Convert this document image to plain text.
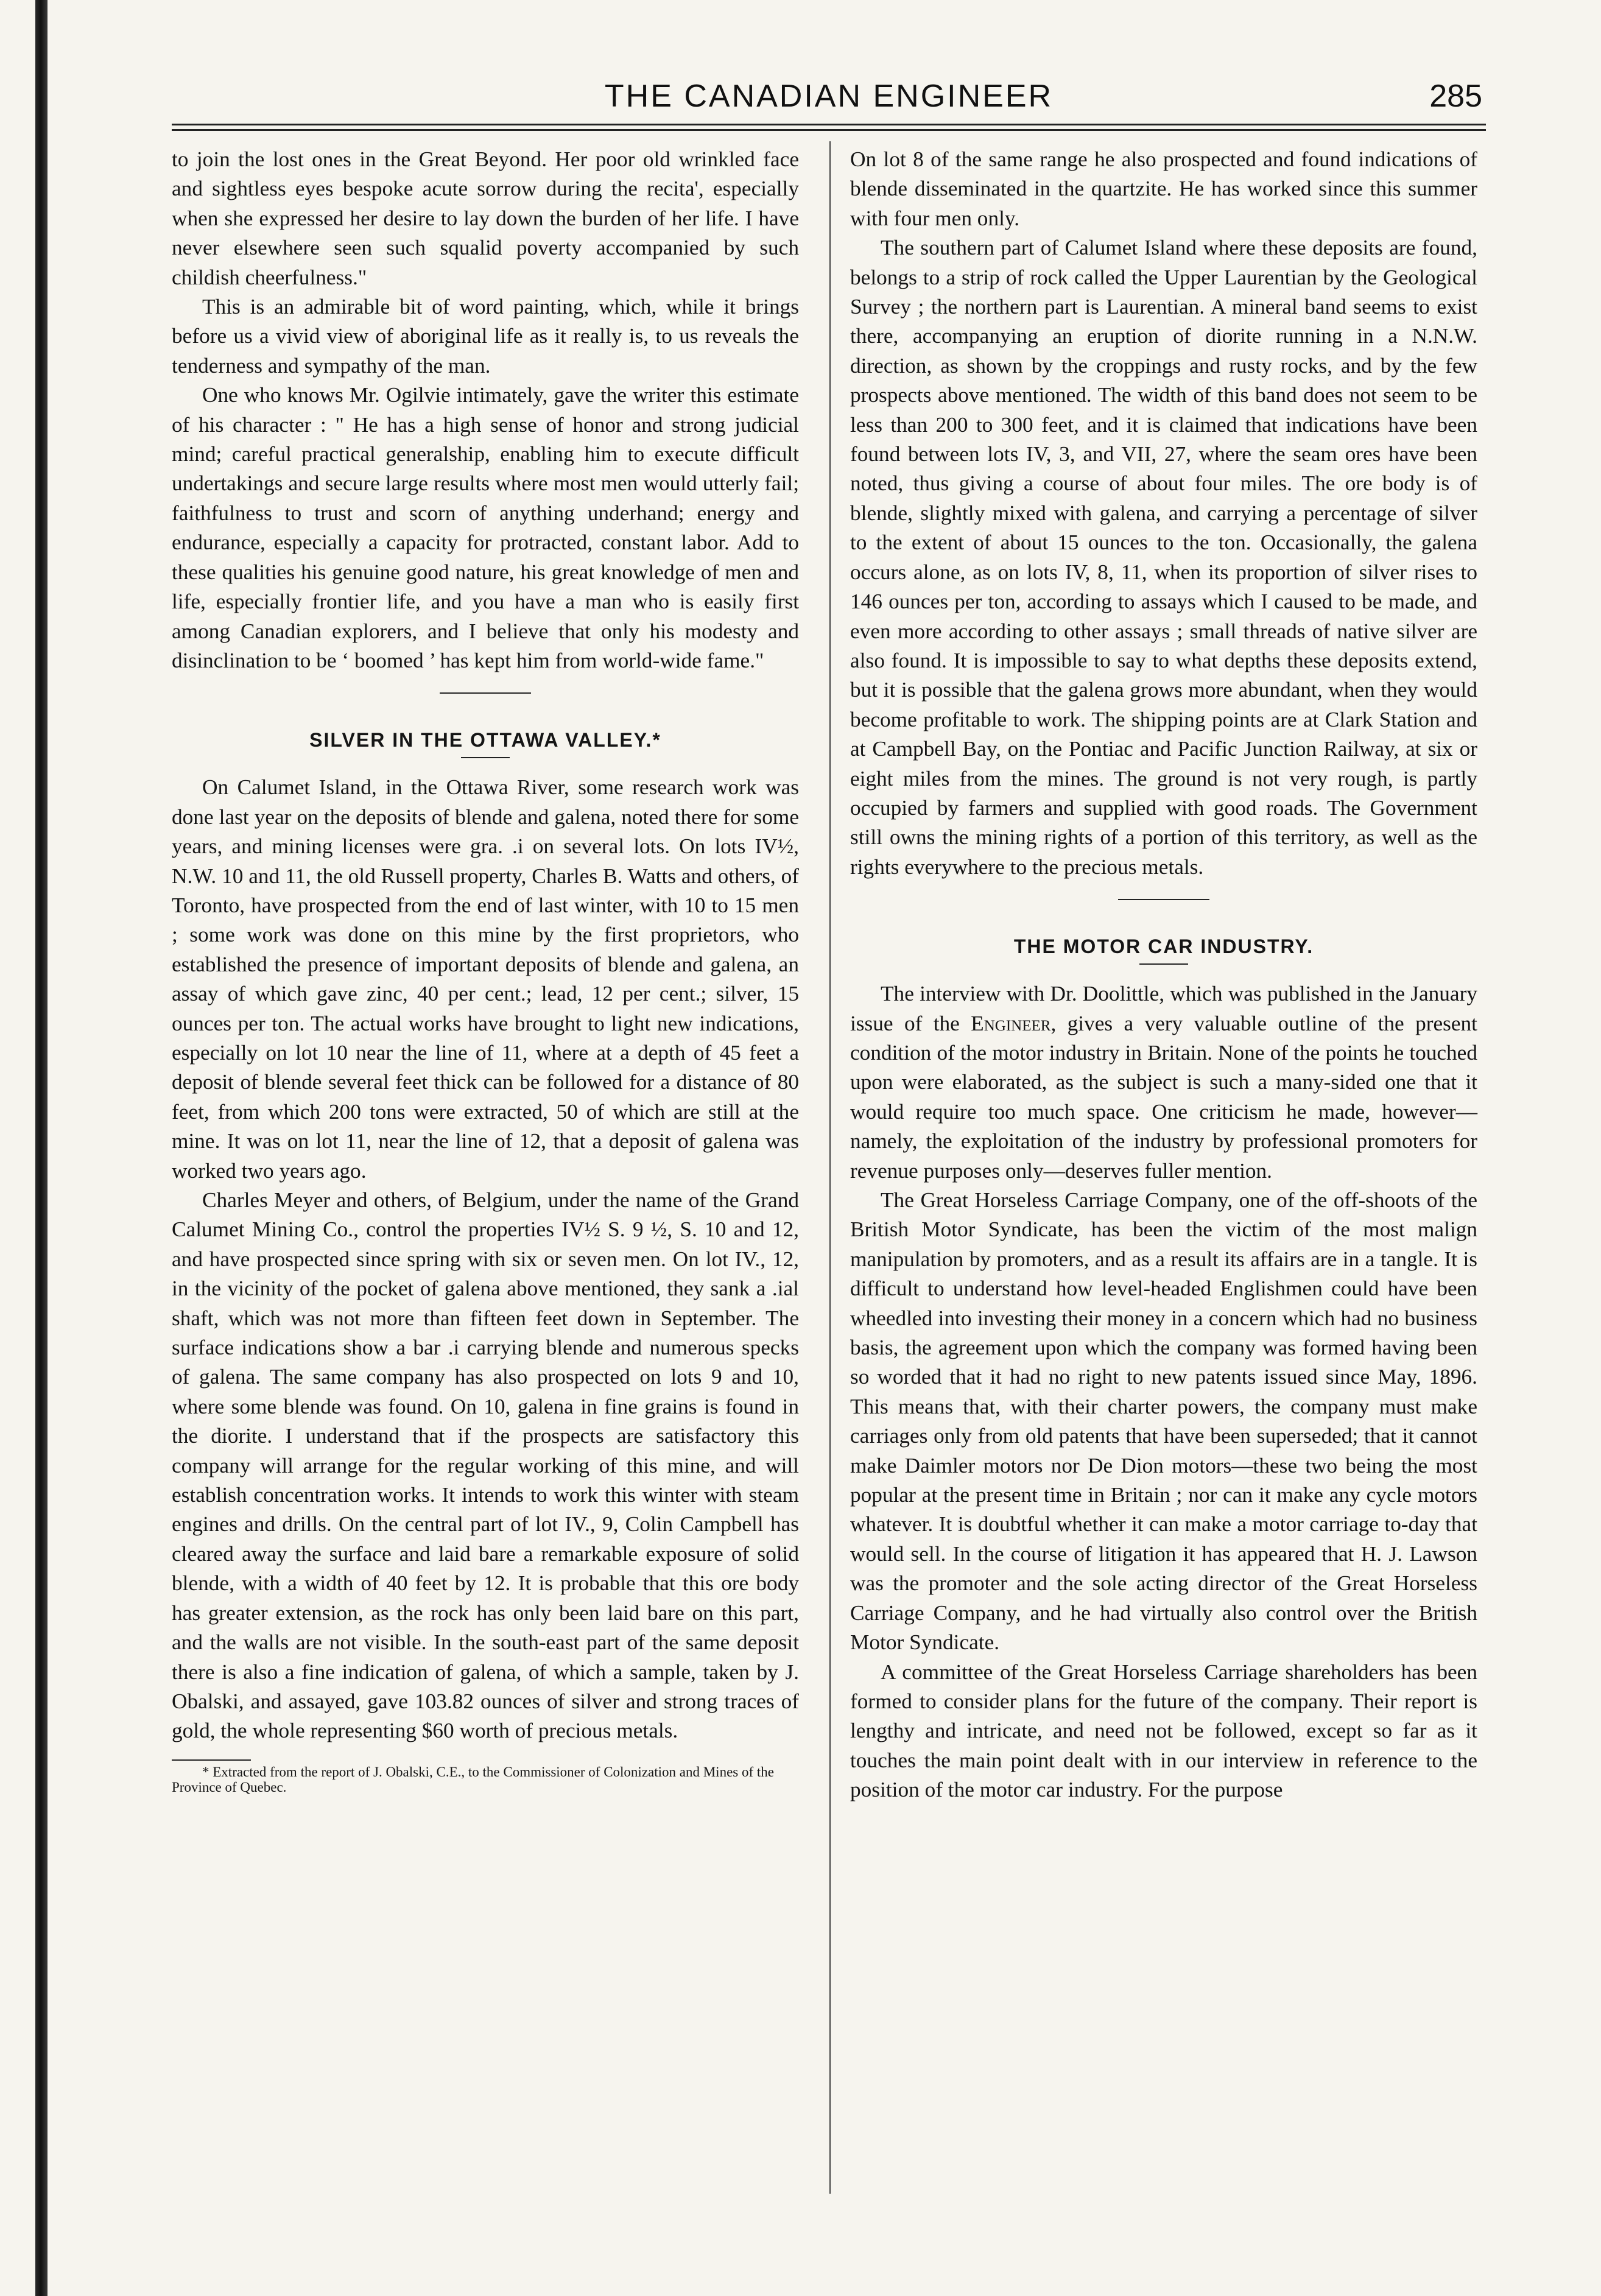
THE CANADIAN ENGINEER	285

to join the lost ones in the Great Beyond. Her poor old wrinkled face and sightless eyes bespoke acute sorrow during the recita', especially when she expressed her desire to lay down the burden of her life. I have never elsewhere seen such squalid poverty accompanied by such childish cheerfulness."

This is an admirable bit of word painting, which, while it brings before us a vivid view of aboriginal life as it really is, to us reveals the tenderness and sympathy of the man.

One who knows Mr. Ogilvie intimately, gave the writer this estimate of his character : " He has a high sense of honor and strong judicial mind; careful practical generalship, enabling him to execute difficult undertakings and secure large results where most men would utterly fail; faithfulness to trust and scorn of anything underhand; energy and endurance, especially a capacity for protracted, constant labor. Add to these qualities his genuine good nature, his great knowledge of men and life, especially frontier life, and you have a man who is easily first among Canadian explorers, and I believe that only his modesty and disinclination to be ‘ boomed ’ has kept him from world-wide fame."

SILVER IN THE OTTAWA VALLEY.*

On Calumet Island, in the Ottawa River, some research work was done last year on the deposits of blende and galena, noted there for some years, and mining licenses were gra. .i on several lots. On lots IV½, N.W. 10 and 11, the old Russell property, Charles B. Watts and others, of Toronto, have prospected from the end of last winter, with 10 to 15 men ; some work was done on this mine by the first proprietors, who established the presence of important deposits of blende and galena, an assay of which gave zinc, 40 per cent.; lead, 12 per cent.; silver, 15 ounces per ton. The actual works have brought to light new indications, especially on lot 10 near the line of 11, where at a depth of 45 feet a deposit of blende several feet thick can be followed for a distance of 80 feet, from which 200 tons were extracted, 50 of which are still at the mine. It was on lot 11, near the line of 12, that a deposit of galena was worked two years ago.

Charles Meyer and others, of Belgium, under the name of the Grand Calumet Mining Co., control the properties IV½ S. 9 ½, S. 10 and 12, and have prospected since spring with six or seven men. On lot IV., 12, in the vicinity of the pocket of galena above mentioned, they sank a .ial shaft, which was not more than fifteen feet down in September. The surface indications show a bar .i carrying blende and numerous specks of galena. The same company has also prospected on lots 9 and 10, where some blende was found. On 10, galena in fine grains is found in the diorite. I understand that if the prospects are satisfactory this company will arrange for the regular working of this mine, and will establish concentration works. It intends to work this winter with steam engines and drills. On the central part of lot IV., 9, Colin Campbell has cleared away the surface and laid bare a remarkable exposure of solid blende, with a width of 40 feet by 12. It is probable that this ore body has greater extension, as the rock has only been laid bare on this part, and the walls are not visible. In the south-east part of the same deposit there is also a fine indication of galena, of which a sample, taken by J. Obalski, and assayed, gave 103.82 ounces of silver and strong traces of gold, the whole representing $60 worth of precious metals.

* Extracted from the report of J. Obalski, C.E., to the Commissioner of Colonization and Mines of the Province of Quebec.

On lot 8 of the same range he also prospected and found indications of blende disseminated in the quartzite. He has worked since this summer with four men only.

The southern part of Calumet Island where these deposits are found, belongs to a strip of rock called the Upper Laurentian by the Geological Survey ; the northern part is Laurentian. A mineral band seems to exist there, accompanying an eruption of diorite running in a N.N.W. direction, as shown by the croppings and rusty rocks, and by the few prospects above mentioned. The width of this band does not seem to be less than 200 to 300 feet, and it is claimed that indications have been found between lots IV, 3, and VII, 27, where the seam ores have been noted, thus giving a course of about four miles. The ore body is of blende, slightly mixed with galena, and carrying a percentage of silver to the extent of about 15 ounces to the ton. Occasionally, the galena occurs alone, as on lots IV, 8, 11, when its proportion of silver rises to 146 ounces per ton, according to assays which I caused to be made, and even more according to other assays ; small threads of native silver are also found. It is impossible to say to what depths these deposits extend, but it is possible that the galena grows more abundant, when they would become profitable to work. The shipping points are at Clark Station and at Campbell Bay, on the Pontiac and Pacific Junction Railway, at six or eight miles from the mines. The ground is not very rough, is partly occupied by farmers and supplied with good roads. The Government still owns the mining rights of a portion of this territory, as well as the rights everywhere to the precious metals.

THE MOTOR CAR INDUSTRY.

The interview with Dr. Doolittle, which was published in the January issue of the Engineer, gives a very valuable outline of the present condition of the motor industry in Britain. None of the points he touched upon were elaborated, as the subject is such a many-sided one that it would require too much space. One criticism he made, however—namely, the exploitation of the industry by professional promoters for revenue purposes only—deserves fuller mention.

The Great Horseless Carriage Company, one of the off-shoots of the British Motor Syndicate, has been the victim of the most malign manipulation by promoters, and as a result its affairs are in a tangle. It is difficult to understand how level-headed Englishmen could have been wheedled into investing their money in a concern which had no business basis, the agreement upon which the company was formed having been so worded that it had no right to new patents issued since May, 1896. This means that, with their charter powers, the company must make carriages only from old patents that have been superseded; that it cannot make Daimler motors nor De Dion motors—these two being the most popular at the present time in Britain ; nor can it make any cycle motors whatever. It is doubtful whether it can make a motor carriage to-day that would sell. In the course of litigation it has appeared that H. J. Lawson was the promoter and the sole acting director of the Great Horseless Carriage Company, and he had virtually also control over the British Motor Syndicate.

A committee of the Great Horseless Carriage shareholders has been formed to consider plans for the future of the company. Their report is lengthy and intricate, and need not be followed, except so far as it touches the main point dealt with in our interview in reference to the position of the motor car industry. For the purpose
